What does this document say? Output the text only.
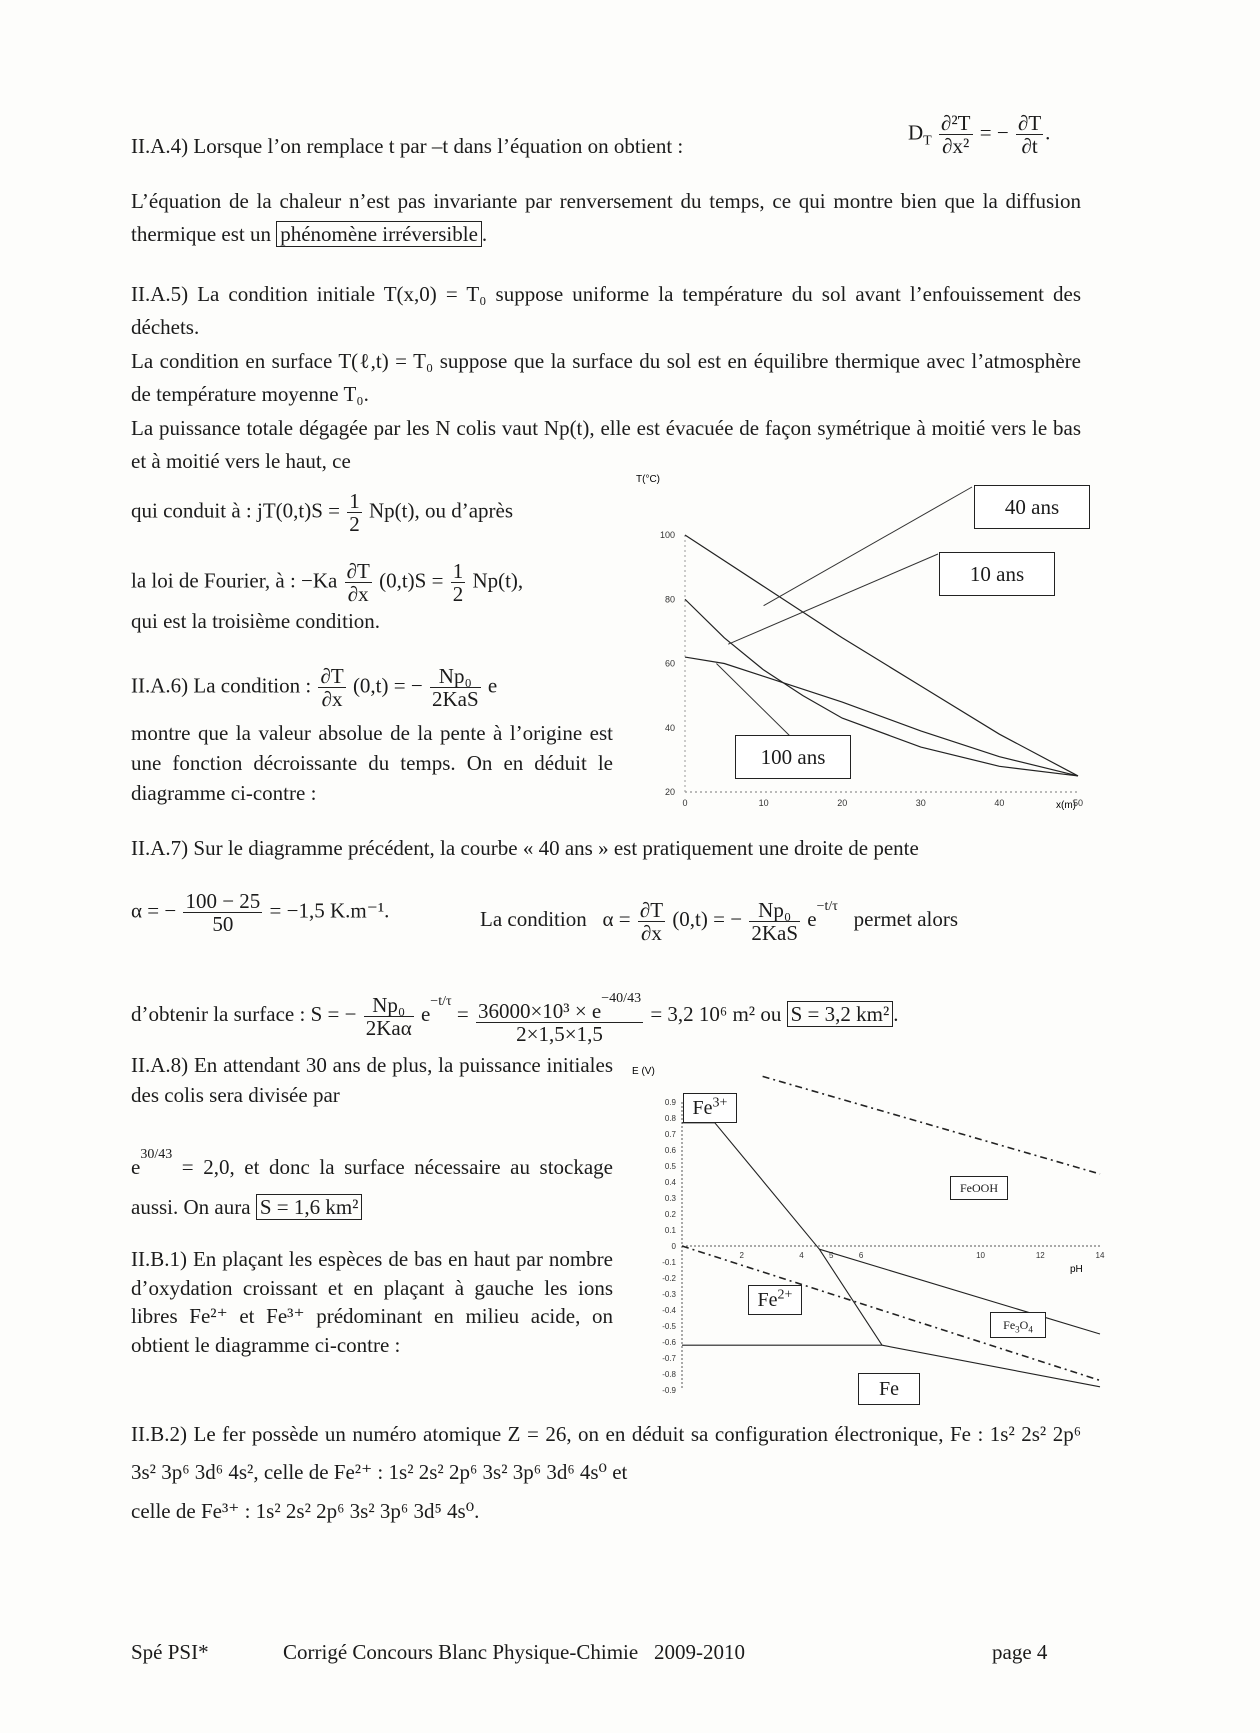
II.A.4) Lorsque l’on remplace t par –t dans l’équation on obtient :
$D_T \frac{\text{∂²T}}{\text{∂x²}}$ = − $\frac{\partial T}{\partial t}$ .
L’équation de la chaleur n’est pas invariante par renversement du temps, ce qui montre bien que la diffusion thermique est un phénomène irréversible .
II.A.5) La condition initiale T(x,0) = T₀ suppose uniforme la température du sol avant l’enfouissement des déchets.
La condition en surface T(ℓ,t) = T₀ suppose que la surface du sol est en équilibre thermique avec l’atmosphère de température moyenne T₀.
La puissance totale dégagée par les N colis vaut Np(t), elle est évacuée de façon symétrique à moitié vers le bas et à moitié vers le haut, ce
qui conduit à : $jT(0,t)S = \frac{1}{2} Np(t)$, ou d’après
la loi de Fourier, à : $-Ka \frac{\partial T}{\partial x} (0,t)S = \frac{1}{2} Np(t)$,
qui est la troisième condition.
II.A.6) La condition : $\frac{\partial T}{\partial x} (0,t)$ = − $\frac{\text{Np₀}}{\text{2KaS}}$ e
montre que la valeur absolue de la pente à l’origine est une fonction décroissante du temps. On en déduit le diagramme ci-contre :
T(°C)
x(m)
0	10	20	30	40	50
20
40
60
80
100
40 ans
10 ans
100 ans
II.A.7) Sur le diagramme précédent, la courbe « 40 ans » est pratiquement une droite de pente
α = − $\frac{100 - 25}{50} = -1,5$ K.m⁻¹.	La condition $\alpha = \frac{\partial T}{\partial x} (0,t)$ = − $\frac{\text{Np₀}}{\text{2KaS}} e-t/\tau$   permet alors
d’obtenir la surface : S = − $\frac{\text{Np₀}}{\text{2Kaα}} e-t/\tau = \frac{\text{36000×10³ × e−40/43}}{2\times 1,5\times 1,5} = 3,2$ 10⁶ m² ou S = 3,2 km² .
II.A.8) En attendant 30 ans de plus, la puissance initiales des colis sera divisée par
e30/43 = 2,0, et donc la surface nécessaire au stockage aussi. On aura S = 1,6 km²
II.B.1) En plaçant les espèces de bas en haut par nombre d’oxydation croissant et en plaçant à gauche les ions libres Fe²⁺ et Fe³⁺ prédominant en milieu acide, on obtient le diagramme ci-contre :
E (V)
pH
0.9
0.8
0.7
0.6
0.5
0.4
0.3
0.2
0.1
0
-0.1
-0.2
-0.3
-0.4
-0.5
-0.6
-0.7
-0.8
-0.9
2	4	5	6	10	12	14
$Fe^{3+}$
FeOOH
$Fe^{2+}$
$Fe_3O_4$
Fe
II.B.2) Le fer possède un numéro atomique Z = 26, on en déduit sa configuration électronique, Fe : 1s² 2s² 2p⁶ 3s² 3p⁶ 3d⁶ 4s², celle de Fe²⁺ : 1s² 2s² 2p⁶ 3s² 3p⁶ 3d⁶ 4s⁰ et
celle de Fe³⁺ : 1s² 2s² 2p⁶ 3s² 3p⁶ 3d⁵ 4s⁰.
Spé PSI*	Corrigé Concours Blanc Physique-Chimie   2009-2010	page 4
